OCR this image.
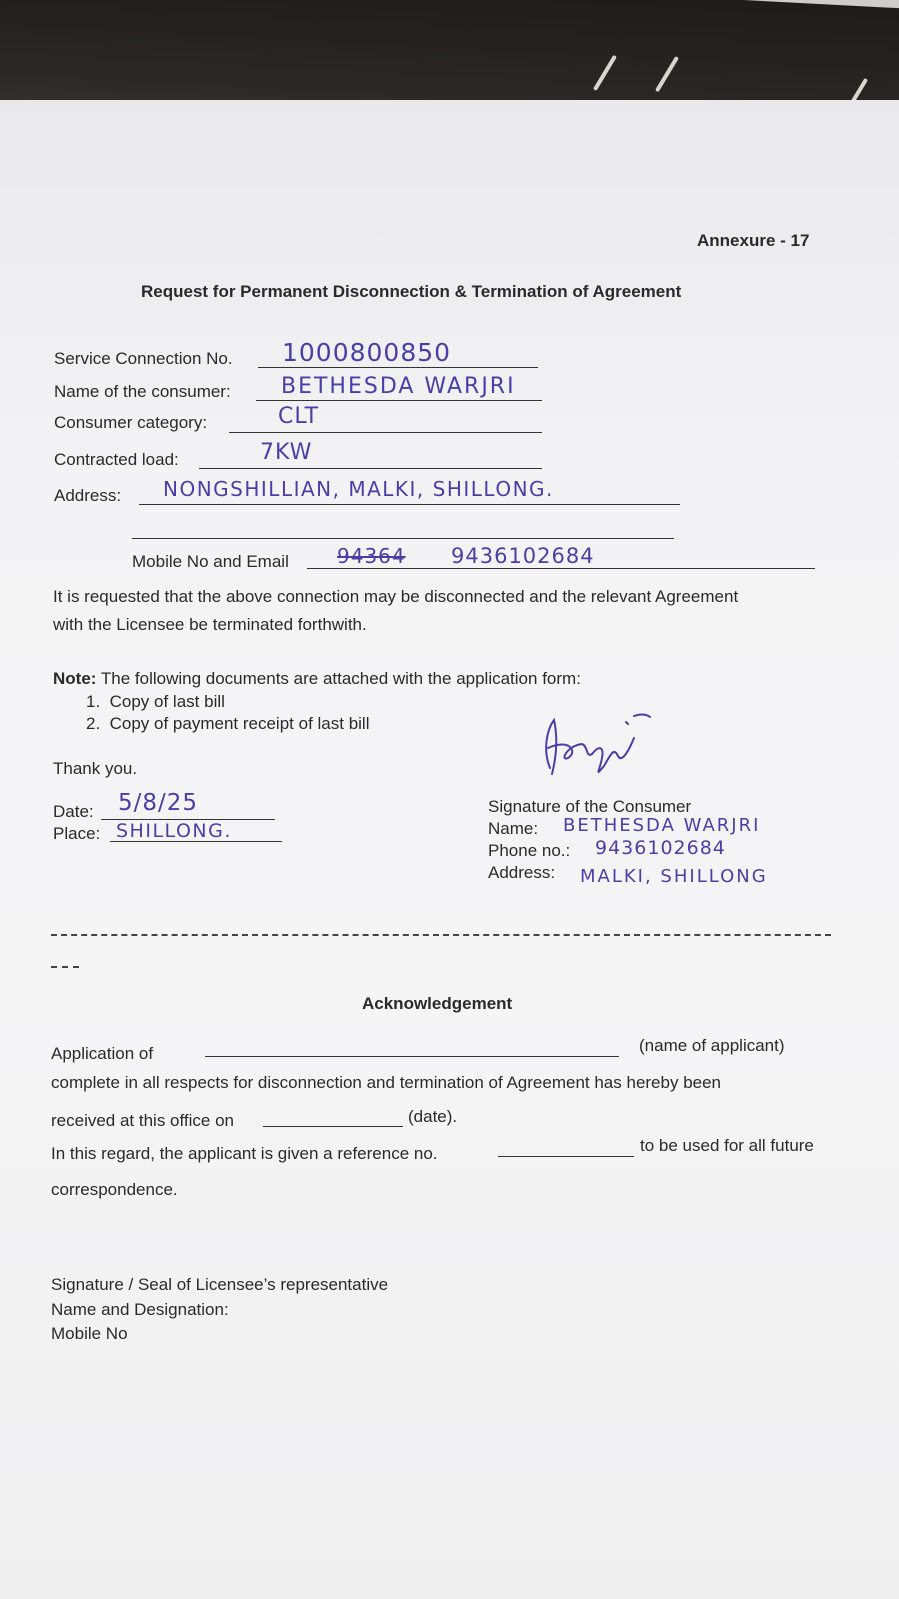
Annexure - 17
Request for Permanent Disconnection & Termination of Agreement
Service Connection No. 1000800850
Name of the consumer: BETHESDA WARJRI
Consumer category:	CLT
Contracted load:	7KW
Address: NONGSHILLIAN, MALKI, SHILLONG.
Mobile No and Email 94364 9436102684
It is requested that the above connection may be disconnected and the relevant Agreement
with the Licensee be terminated forthwith.
Note: The following documents are attached with the application form:
1.  Copy of last bill
2.  Copy of payment receipt of last bill
Thank you.
Date: 5/8/25
Place: SHILLONG.
Signature of the Consumer
Name: BETHESDA WARJRI
Phone no.: 9436102684
Address: MALKI, SHILLONG
Acknowledgement
Application of	(name of applicant)
complete in all respects for disconnection and termination of Agreement has hereby been
received at this office on	(date).
In this regard, the applicant is given a reference no.	to be used for all future
correspondence.
Signature / Seal of Licensee’s representative
Name and Designation:
Mobile No
